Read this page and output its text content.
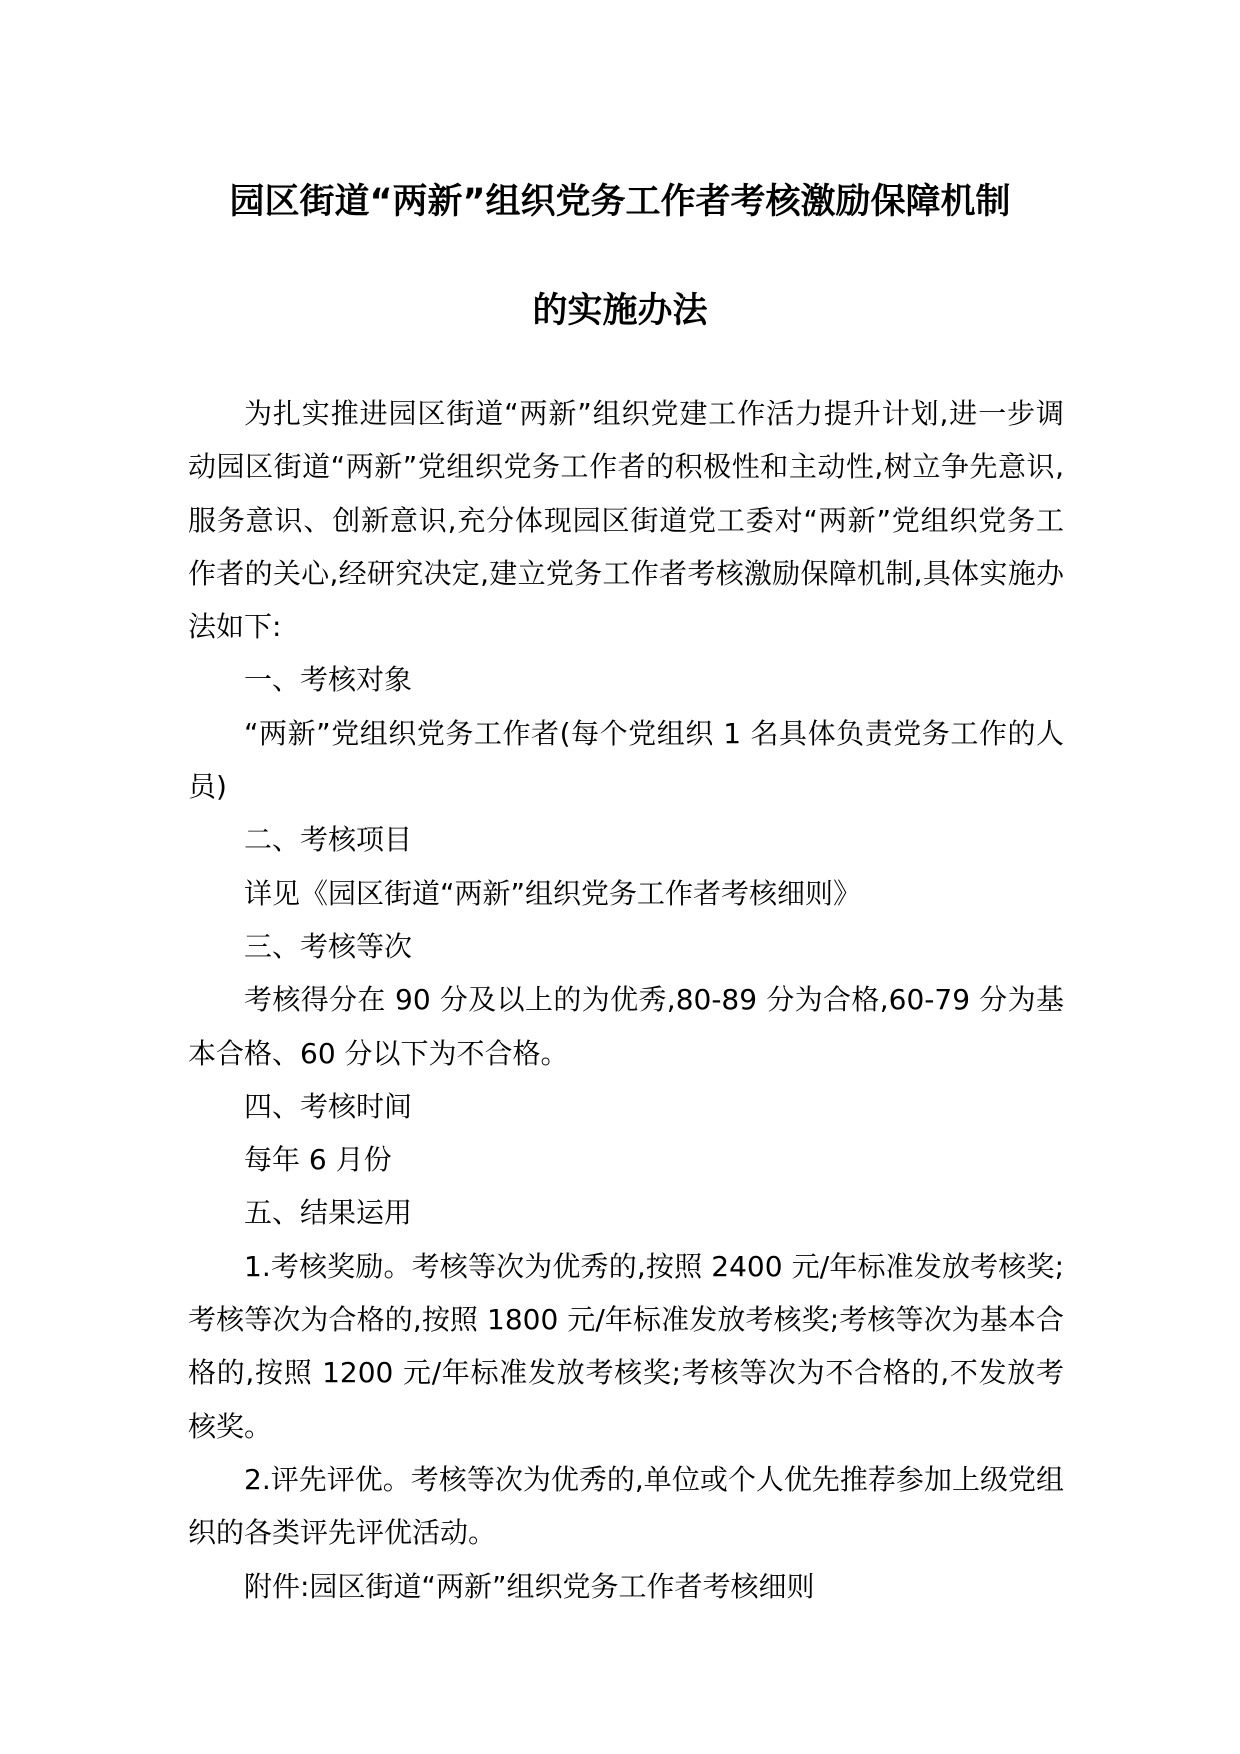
园区街道“两新”组织党务工作者考核激励保障机制
的实施办法

为扎实推进园区街道“两新”组织党建工作活力提升计划,进一步调动园区街道“两新”党组织党务工作者的积极性和主动性,树立争先意识,服务意识、创新意识,充分体现园区街道党工委对“两新”党组织党务工作者的关心,经研究决定,建立党务工作者考核激励保障机制,具体实施办法如下:

一、考核对象

“两新”党组织党务工作者(每个党组织 1 名具体负责党务工作的人员)

二、考核项目

详见《园区街道“两新”组织党务工作者考核细则》

三、考核等次

考核得分在 90 分及以上的为优秀,80-89 分为合格,60-79 分为基本合格、60 分以下为不合格。

四、考核时间

每年 6 月份

五、结果运用

1.考核奖励。考核等次为优秀的,按照 2400 元/年标准发放考核奖;考核等次为合格的,按照 1800 元/年标准发放考核奖;考核等次为基本合格的,按照 1200 元/年标准发放考核奖;考核等次为不合格的,不发放考核奖。

2.评先评优。考核等次为优秀的,单位或个人优先推荐参加上级党组织的各类评先评优活动。

附件:园区街道“两新”组织党务工作者考核细则
